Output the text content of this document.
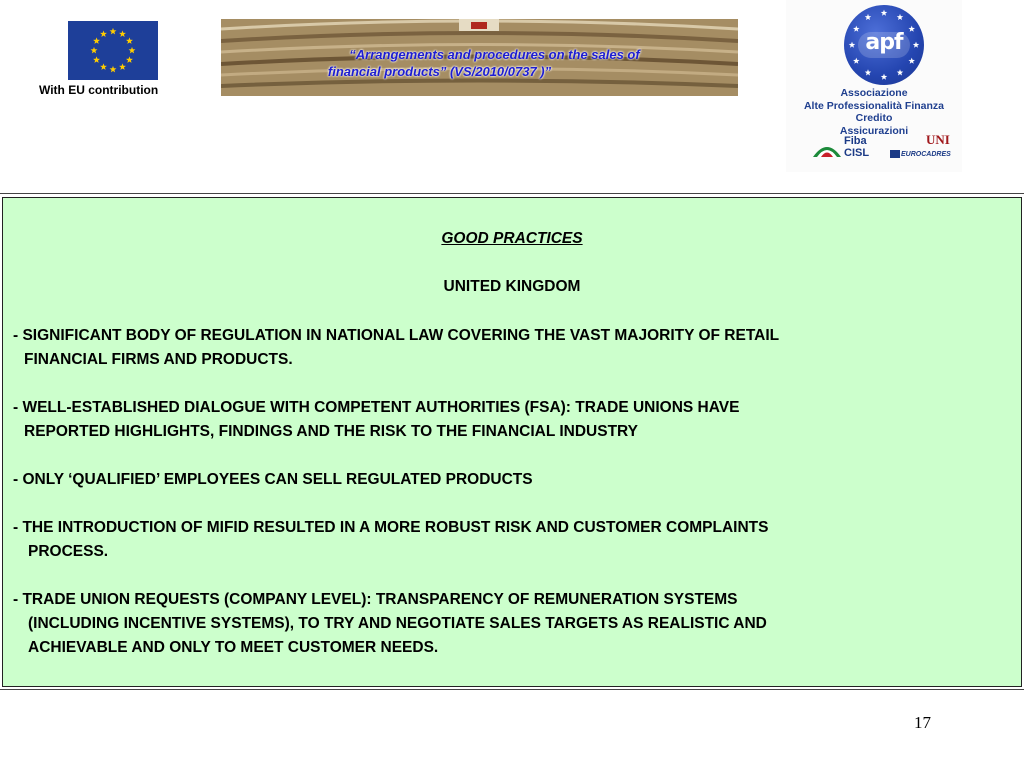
With EU contribution
“Arrangements and procedures on the sales of
financial products” (VS/2010/0737 )”
apf
Associazione
Alte Professionalità Finanza
Credito
Assicurazioni
Fiba
CISL
UNI
EUROCADRES
GOOD PRACTICES
UNITED KINGDOM
- SIGNIFICANT BODY OF REGULATION IN NATIONAL LAW COVERING THE VAST MAJORITY OF RETAIL
FINANCIAL FIRMS AND PRODUCTS.
- WELL-ESTABLISHED DIALOGUE WITH COMPETENT AUTHORITIES (FSA): TRADE UNIONS HAVE
REPORTED HIGHLIGHTS, FINDINGS AND THE RISK TO THE FINANCIAL INDUSTRY
- ONLY ‘QUALIFIED’ EMPLOYEES CAN SELL REGULATED PRODUCTS
- THE INTRODUCTION OF MIFID RESULTED IN A MORE ROBUST RISK AND CUSTOMER COMPLAINTS
PROCESS.
- TRADE UNION REQUESTS (COMPANY LEVEL): TRANSPARENCY OF REMUNERATION SYSTEMS
(INCLUDING INCENTIVE SYSTEMS), TO TRY AND NEGOTIATE SALES TARGETS AS REALISTIC AND
ACHIEVABLE AND ONLY TO MEET CUSTOMER NEEDS.
17
